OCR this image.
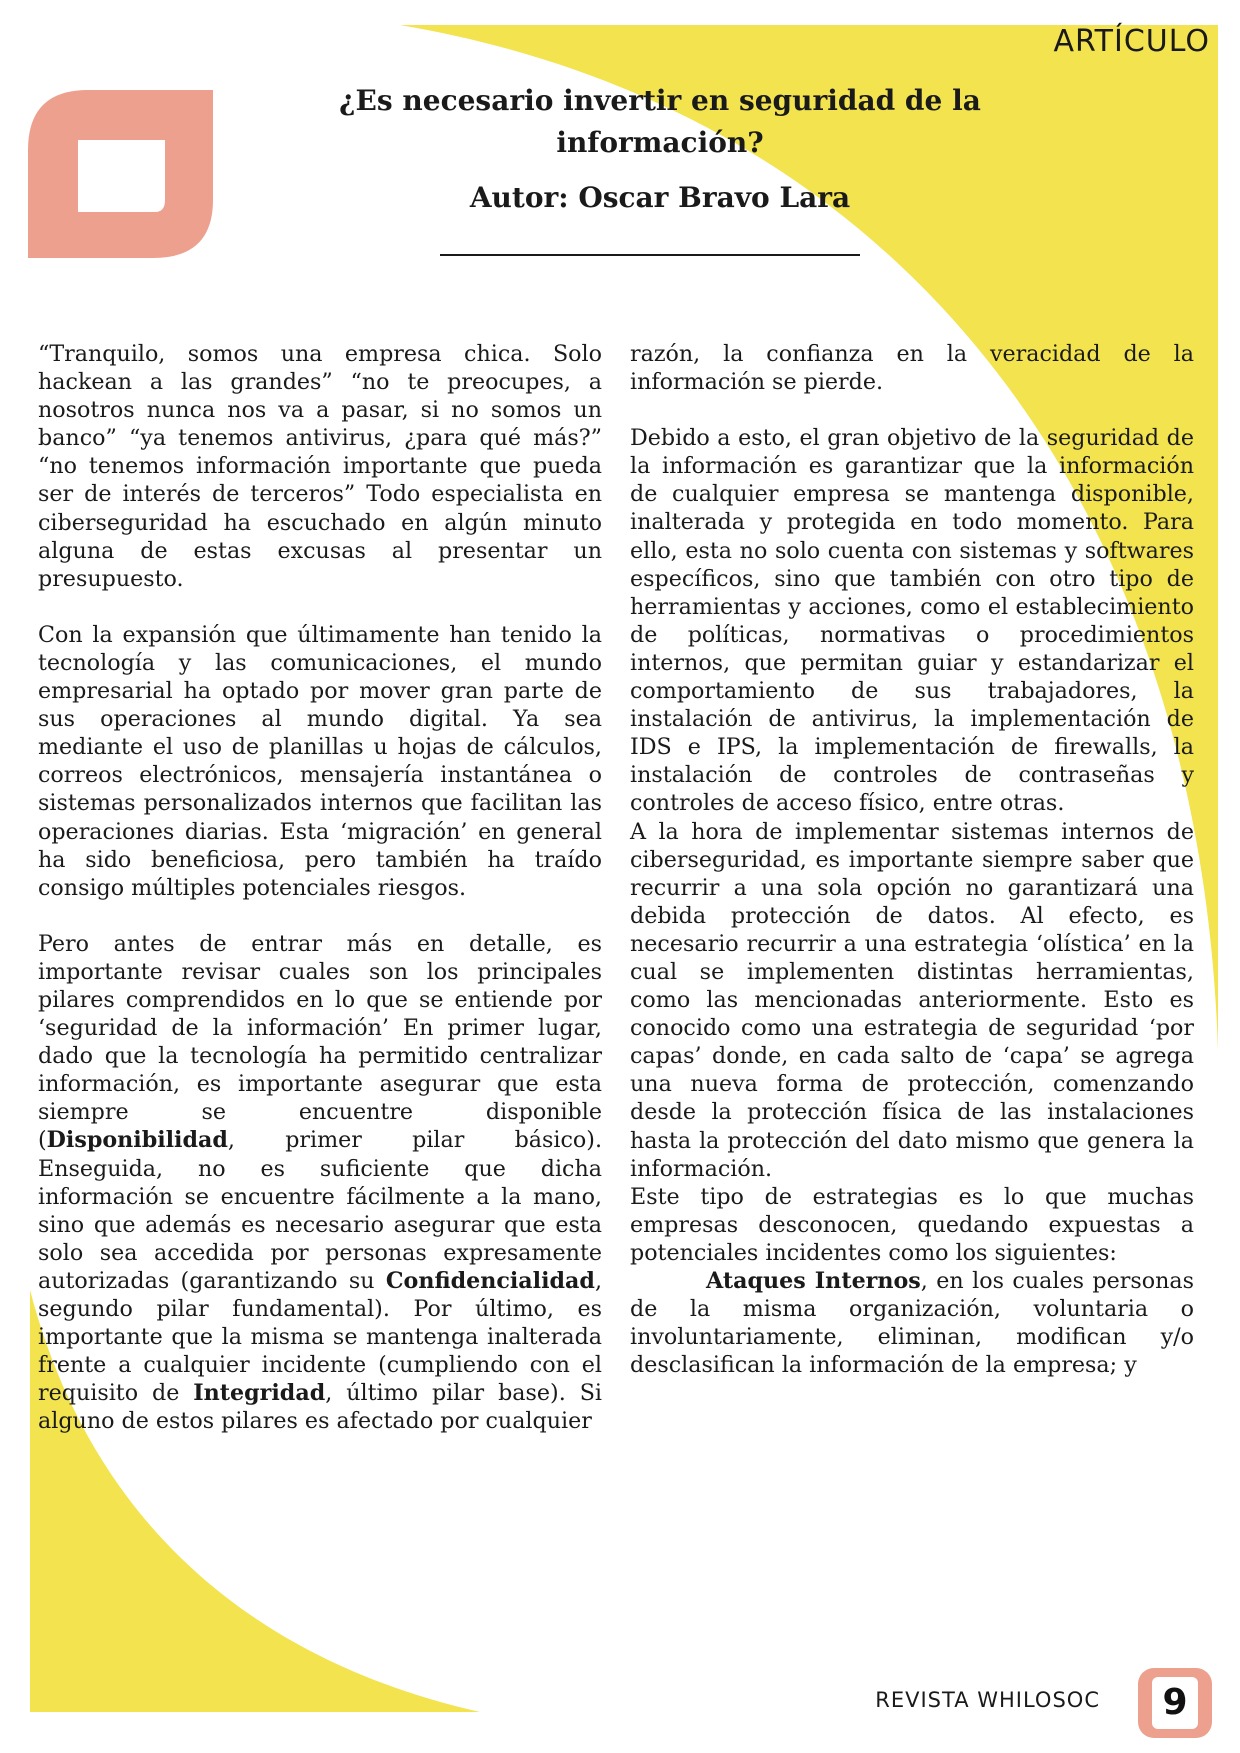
ARTÍCULO
¿Es necesario invertir en seguridad de la información?
Autor: Oscar Bravo Lara

“Tranquilo, somos una empresa chica. Solo hackean a las grandes” “no te preocupes, a nosotros nunca nos va a pasar, si no somos un banco” “ya tenemos antivirus, ¿para qué más?” “no tenemos información importante que pueda ser de interés de terceros” Todo especialista en ciberseguridad ha escuchado en algún minuto alguna de estas excusas al presentar un presupuesto.

Con la expansión que últimamente han tenido la tecnología y las comunicaciones, el mundo empresarial ha optado por mover gran parte de sus operaciones al mundo digital. Ya sea mediante el uso de planillas u hojas de cálculos, correos electrónicos, mensajería instantánea o sistemas personalizados internos que facilitan las operaciones diarias. Esta ‘migración’ en general ha sido beneficiosa, pero también ha traído consigo múltiples potenciales riesgos.

Pero antes de entrar más en detalle, es importante revisar cuales son los principales pilares comprendidos en lo que se entiende por ‘seguridad de la información’ En primer lugar, dado que la tecnología ha permitido centralizar información, es importante asegurar que esta siempre se encuentre disponible (Disponibilidad, primer pilar básico). Enseguida, no es suficiente que dicha información se encuentre fácilmente a la mano, sino que además es necesario asegurar que esta solo sea accedida por personas expresamente autorizadas (garantizando su Confidencialidad, segundo pilar fundamental). Por último, es importante que la misma se mantenga inalterada frente a cualquier incidente (cumpliendo con el requisito de Integridad, último pilar base). Si alguno de estos pilares es afectado por cualquier

razón, la confianza en la veracidad de la información se pierde.

Debido a esto, el gran objetivo de la seguridad de la información es garantizar que la información de cualquier empresa se mantenga disponible, inalterada y protegida en todo momento. Para ello, esta no solo cuenta con sistemas y softwares específicos, sino que también con otro tipo de herramientas y acciones, como el establecimiento de políticas, normativas o procedimientos internos, que permitan guiar y estandarizar el comportamiento de sus trabajadores, la instalación de antivirus, la implementación de IDS e IPS, la implementación de firewalls, la instalación de controles de contraseñas y controles de acceso físico, entre otras.

A la hora de implementar sistemas internos de ciberseguridad, es importante siempre saber que recurrir a una sola opción no garantizará una debida protección de datos. Al efecto, es necesario recurrir a una estrategia ‘olística’ en la cual se implementen distintas herramientas, como las mencionadas anteriormente. Esto es conocido como una estrategia de seguridad ‘por capas’ donde, en cada salto de ‘capa’ se agrega una nueva forma de protección, comenzando desde la protección física de las instalaciones hasta la protección del dato mismo que genera la información.

Este tipo de estrategias es lo que muchas empresas desconocen, quedando expuestas a potenciales incidentes como los siguientes:

Ataques Internos, en los cuales personas de la misma organización, voluntaria o involuntariamente, eliminan, modifican y/o desclasifican la información de la empresa; y

REVISTA WHILOSOC 9
